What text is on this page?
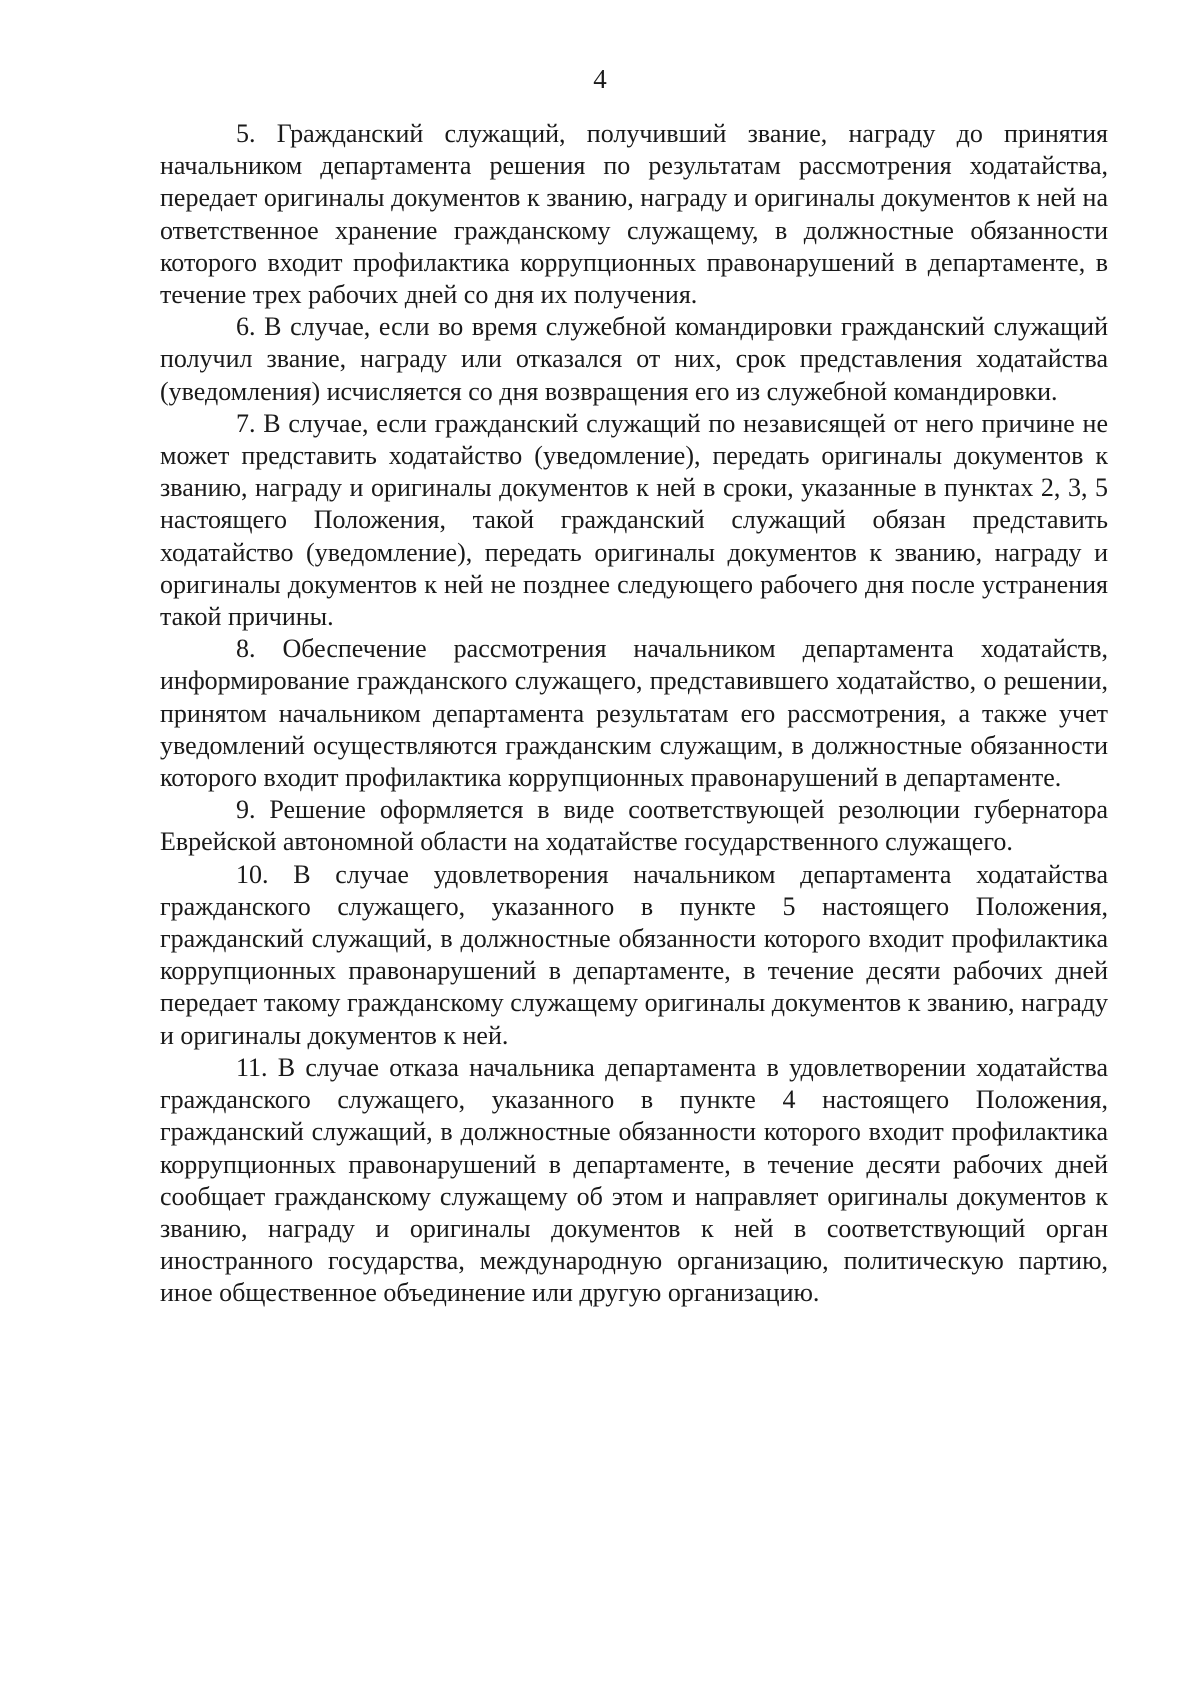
4

5. Гражданский служащий, получивший звание, награду до принятия начальником департамента решения по результатам рассмотрения ходатайства, передает оригиналы документов к званию, награду и оригиналы документов к ней на ответственное хранение гражданскому служащему, в должностные обязанности которого входит профилактика коррупционных правонарушений в департаменте, в течение трех рабочих дней со дня их получения.

6. В случае, если во время служебной командировки гражданский служащий получил звание, награду или отказался от них, срок представления ходатайства (уведомления) исчисляется со дня возвращения его из служебной командировки.

7. В случае, если гражданский служащий по независящей от него причине не может представить ходатайство (уведомление), передать оригиналы документов к званию, награду и оригиналы документов к ней в сроки, указанные в пунктах 2, 3, 5 настоящего Положения, такой гражданский служащий обязан представить ходатайство (уведомление), передать оригиналы документов к званию, награду и оригиналы документов к ней не позднее следующего рабочего дня после устранения такой причины.

8. Обеспечение рассмотрения начальником департамента ходатайств, информирование гражданского служащего, представившего ходатайство, о решении, принятом начальником департамента результатам его рассмотрения, а также учет уведомлений осуществляются гражданским служащим, в должностные обязанности которого входит профилактика коррупционных правонарушений в департаменте.

9. Решение оформляется в виде соответствующей резолюции губернатора Еврейской автономной области на ходатайстве государственного служащего.

10. В случае удовлетворения начальником департамента ходатайства гражданского служащего, указанного в пункте 5 настоящего Положения, гражданский служащий, в должностные обязанности которого входит профилактика коррупционных правонарушений в департаменте, в течение десяти рабочих дней передает такому гражданскому служащему оригиналы документов к званию, награду и оригиналы документов к ней.

11. В случае отказа начальника департамента в удовлетворении ходатайства гражданского служащего, указанного в пункте 4 настоящего Положения, гражданский служащий, в должностные обязанности которого входит профилактика коррупционных правонарушений в департаменте, в течение десяти рабочих дней сообщает гражданскому служащему об этом и направляет оригиналы документов к званию, награду и оригиналы документов к ней в соответствующий орган иностранного государства, международную организацию, политическую партию, иное общественное объединение или другую организацию.
